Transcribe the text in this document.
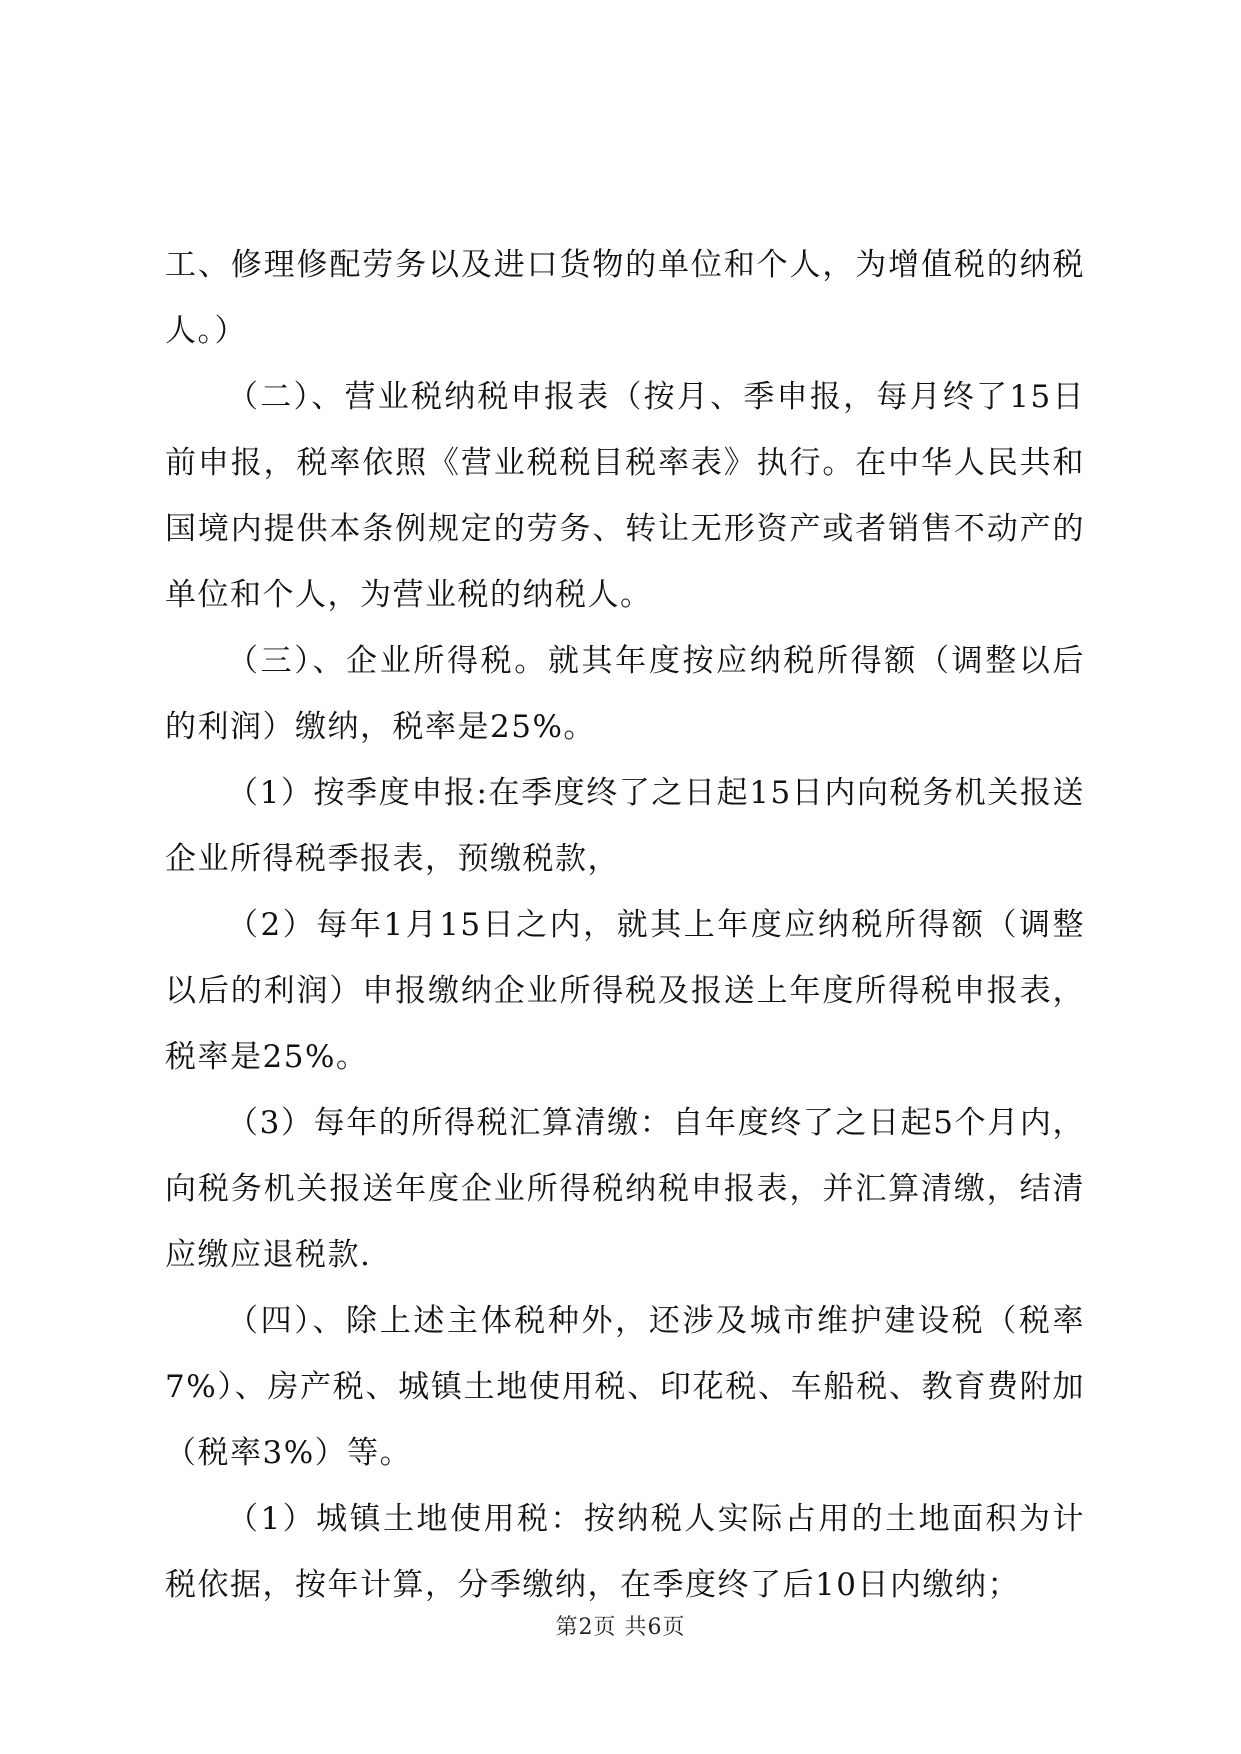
工、修理修配劳务以及进口货物的单位和个人，为增值税的纳税人。）

（二）、营业税纳税申报表（按月、季申报，每月终了15日前申报，税率依照《营业税税目税率表》执行。在中华人民共和国境内提供本条例规定的劳务、转让无形资产或者销售不动产的单位和个人，为营业税的纳税人。

（三）、企业所得税。就其年度按应纳税所得额（调整以后的利润）缴纳，税率是25%。

（1）按季度申报:在季度终了之日起15日内向税务机关报送企业所得税季报表，预缴税款，

（2）每年1月15日之内，就其上年度应纳税所得额（调整以后的利润）申报缴纳企业所得税及报送上年度所得税申报表，税率是25%。

（3）每年的所得税汇算清缴：自年度终了之日起5个月内，向税务机关报送年度企业所得税纳税申报表，并汇算清缴，结清应缴应退税款.

（四）、除上述主体税种外，还涉及城市维护建设税（税率7%）、房产税、城镇土地使用税、印花税、车船税、教育费附加（税率3%）等。

（1）城镇土地使用税：按纳税人实际占用的土地面积为计税依据，按年计算，分季缴纳，在季度终了后10日内缴纳；

第2页 共6页
